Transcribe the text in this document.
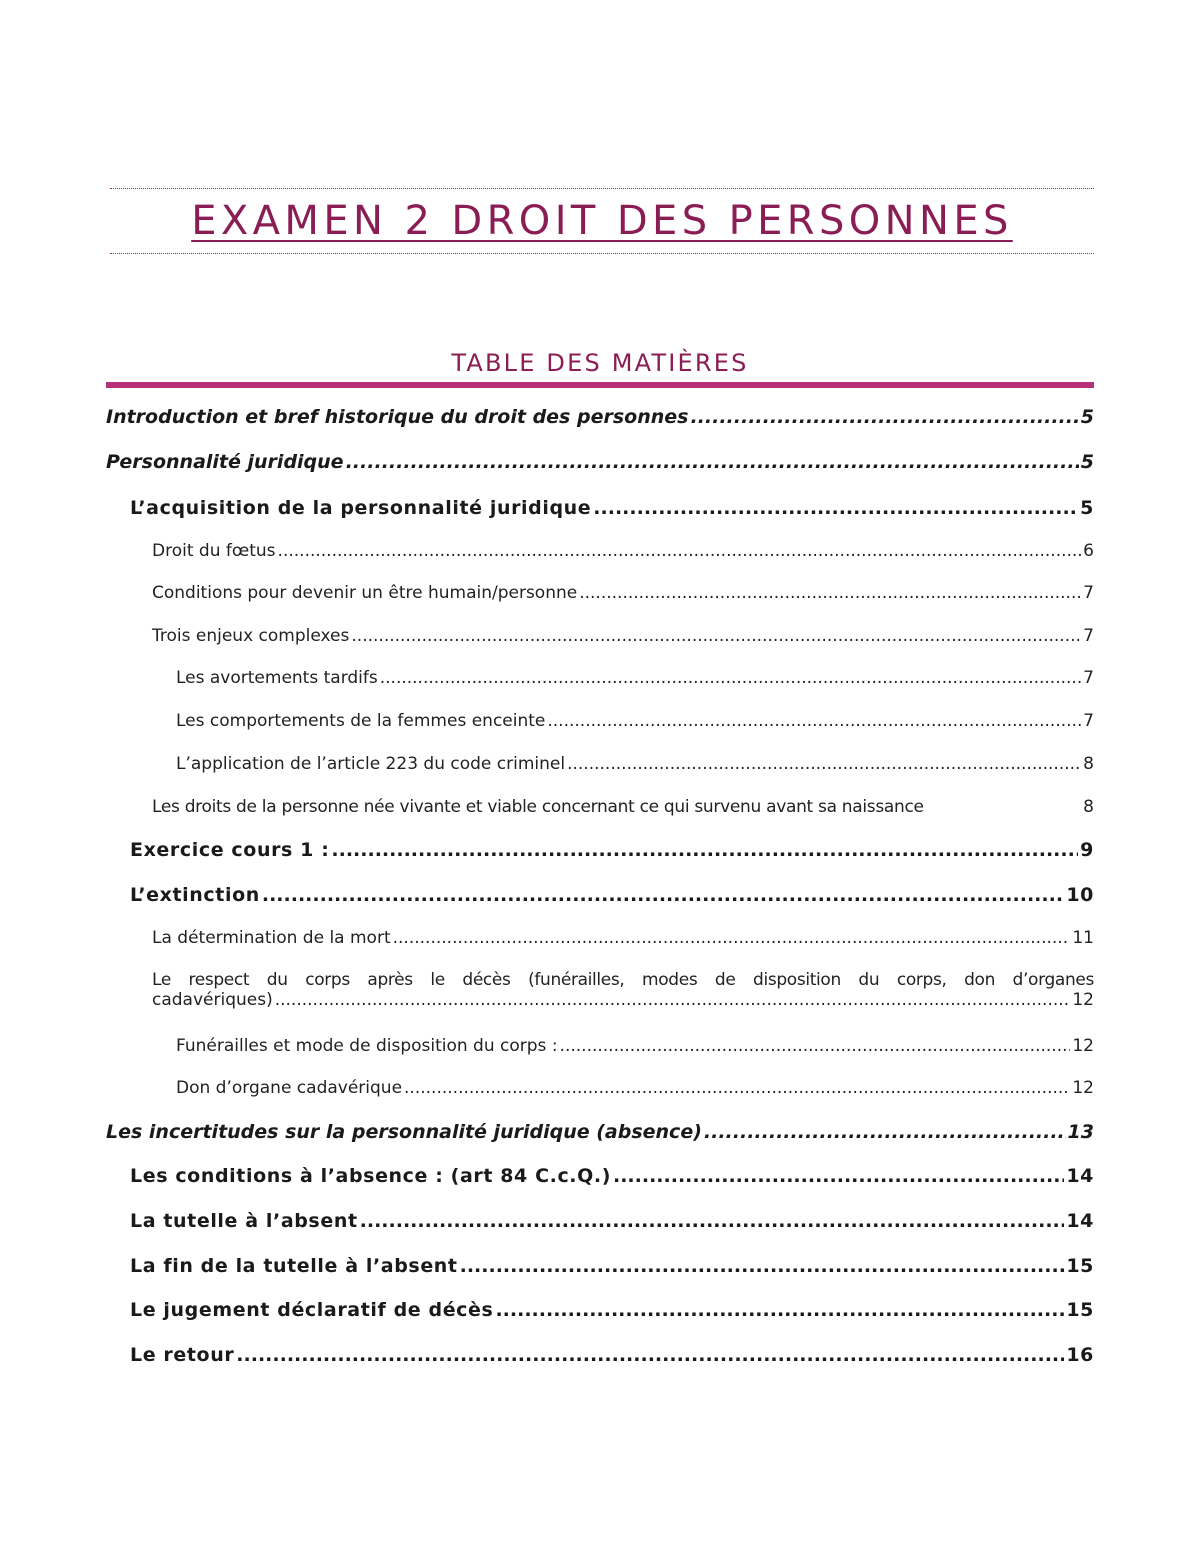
EXAMEN 2 DROIT DES PERSONNES
TABLE DES MATIÈRES
Introduction et bref historique du droit des personnes .....	5
Personnalité juridique .....	5
L’acquisition de la personnalité juridique .....	5
Droit du fœtus .....	6
Conditions pour devenir un être humain/personne .....	7
Trois enjeux complexes .....	7
Les avortements tardifs .....	7
Les comportements de la femmes enceinte .....	7
L’application de l’article 223 du code criminel .....	8
Les droits de la personne née vivante et viable concernant ce qui survenu avant sa naissance	8
Exercice cours 1 : .....	9
L’extinction .....	10
La détermination de la mort .....	11
Le respect du corps après le décès (funérailles, modes de disposition du corps, don d’organes
cadavériques) .....	12
Funérailles et mode de disposition du corps : .....	12
Don d’organe cadavérique .....	12
Les incertitudes sur la personnalité juridique (absence) .....	13
Les conditions à l’absence : (art 84 C.c.Q.) .....	14
La tutelle à l’absent .....	14
La fin de la tutelle à l’absent .....	15
Le jugement déclaratif de décès .....	15
Le retour .....	16
